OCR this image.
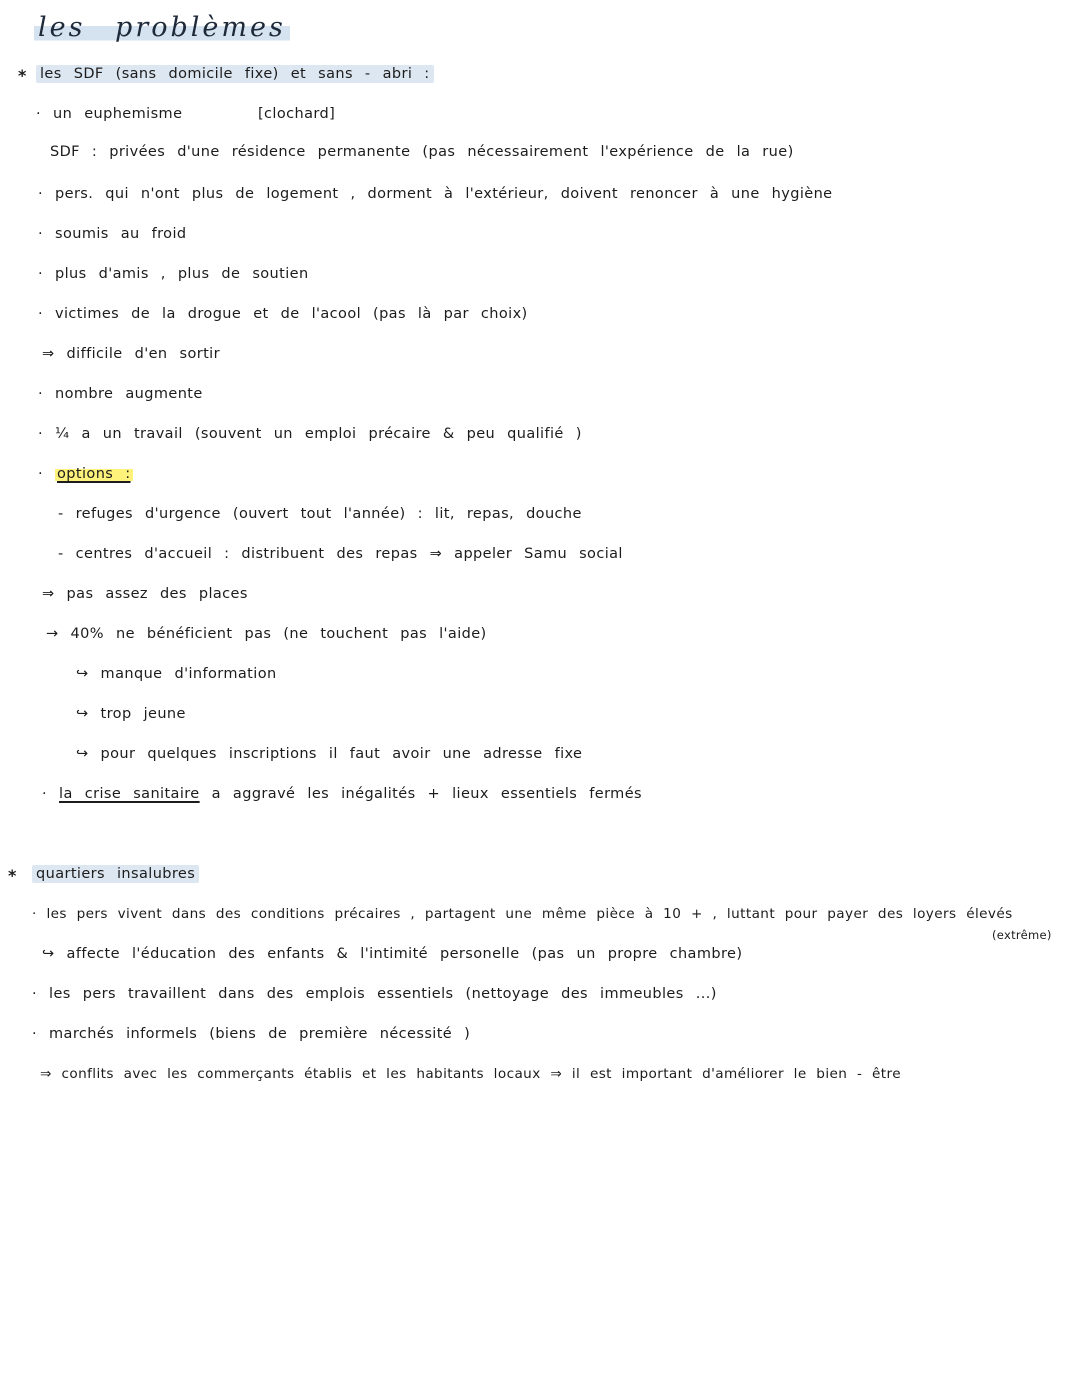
les problèmes
* les SDF (sans domicile fixe) et sans - abri :
· un euphemisme	[clochard]
SDF : privées d'une résidence permanente (pas nécessairement l'expérience de la rue)
· pers. qui n'ont plus de logement , dorment à l'extérieur, doivent renoncer à une hygiène
· soumis au froid
· plus d'amis , plus de soutien
· victimes de la drogue et de l'acool (pas là par choix)
⇒ difficile d'en sortir
· nombre augmente
· ¼ a un travail (souvent un emploi précaire & peu qualifié )
· options :
- refuges d'urgence (ouvert tout l'année) : lit, repas, douche
- centres d'accueil : distribuent des repas ⇒ appeler Samu social
⇒ pas assez des places
→ 40% ne bénéficient pas (ne touchent pas l'aide)
↪ manque d'information
↪ trop jeune
↪ pour quelques inscriptions il faut avoir une adresse fixe
· la crise sanitaire a aggravé les inégalités + lieux essentiels fermés
* quartiers insalubres
· les pers vivent dans des conditions précaires , partagent une même pièce à 10 + , luttant pour payer des loyers élevés
(extrême)
↪ affecte l'éducation des enfants & l'intimité personelle (pas un propre chambre)
· les pers travaillent dans des emplois essentiels (nettoyage des immeubles ...)
· marchés informels (biens de première nécessité )
⇒ conflits avec les commerçants établis et les habitants locaux ⇒ il est important d'améliorer le bien - être
